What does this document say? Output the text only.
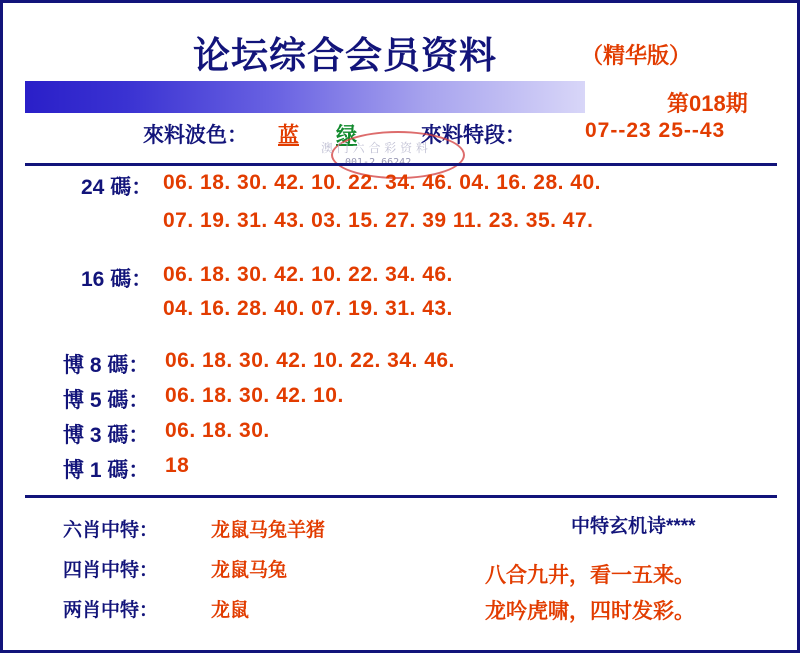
论坛综合会员资料	（精华版）
第018期
來料波色： 蓝 绿	來料特段：	07--23 25--43
澳 门 六 合 彩 资 料
001-2 66242
24 碼： 06. 18. 30. 42. 10. 22. 34. 46. 04. 16. 28. 40.
07. 19. 31. 43. 03. 15. 27. 39 11. 23. 35. 47.
16 碼： 06. 18. 30. 42. 10. 22. 34. 46.
04. 16. 28. 40. 07. 19. 31. 43.
博 8 碼： 06. 18. 30. 42. 10. 22. 34. 46.
博 5 碼： 06. 18. 30. 42. 10.
博 3 碼： 06. 18. 30.
博 1 碼： 18
六肖中特：	龙鼠马兔羊猪
四肖中特：	龙鼠马兔
两肖中特：	龙鼠
中特玄机诗****
八合九井，看一五来。
龙吟虎啸，四时发彩。
